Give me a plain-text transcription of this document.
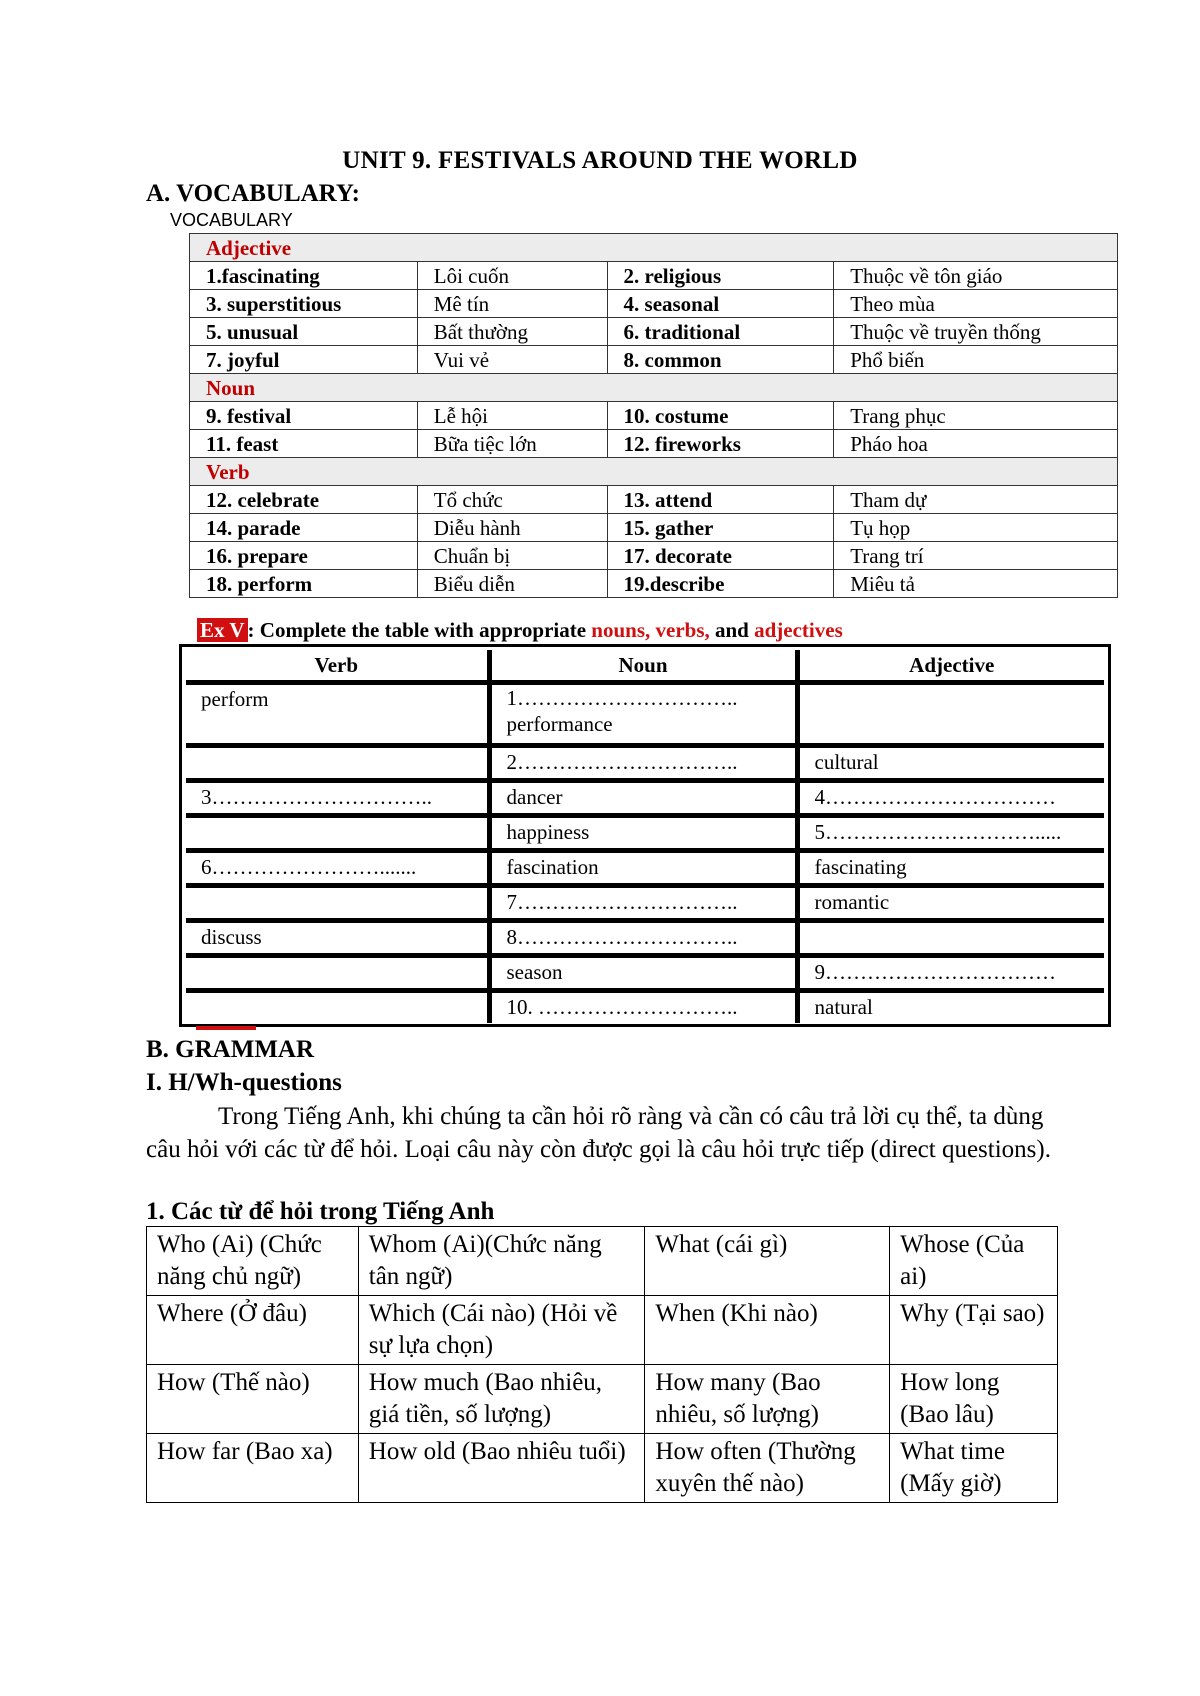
UNIT 9. FESTIVALS AROUND THE WORLD
A. VOCABULARY:
VOCABULARY
Adjective			
1.fascinating	Lôi cuốn	2. religious	Thuộc về tôn giáo
3. superstitious	Mê tín	4. seasonal	Theo mùa
5. unusual	Bất thường	6. traditional	Thuộc về truyền thống
7. joyful	Vui vẻ	8. common	Phổ biến
Noun			
9. festival	Lễ hội	10. costume	Trang phục
11. feast	Bữa tiệc lớn	12. fireworks	Pháo hoa
Verb			
12. celebrate	Tổ chức	13. attend	Tham dự
14. parade	Diễu hành	15. gather	Tụ họp
16. prepare	Chuẩn bị	17. decorate	Trang trí
18. perform	Biểu diễn	19.describe	Miêu tả
Ex V : Complete the table with appropriate nouns, verbs, and adjectives
Verb	Noun	Adjective
perform	1………………………….. performance	
	2…………………………..	cultural
3…………………………..	dancer	4……………………………
	happiness	5………………………….....
6…………………….......	fascination	fascinating
	7…………………………..	romantic
discuss	8…………………………..	
	season	9……………………………
	10. ………………………..	natural
B. GRAMMAR
I. H/Wh-questions
Trong Tiếng Anh, khi chúng ta cần hỏi rõ ràng và cần có câu trả lời cụ thể, ta dùng câu hỏi với các từ để hỏi. Loại câu này còn được gọi là câu hỏi trực tiếp (direct questions).
1. Các từ để hỏi trong Tiếng Anh
Who (Ai) (Chức năng chủ ngữ)	Whom (Ai)(Chức năng tân ngữ)	What (cái gì)	Whose (Của ai)
Where (Ở đâu)	Which (Cái nào) (Hỏi về sự lựa chọn)	When (Khi nào)	Why (Tại sao)
How (Thế nào)	How much (Bao nhiêu, giá tiền, số lượng)	How many (Bao nhiêu, số lượng)	How long (Bao lâu)
How far (Bao xa)	How old (Bao nhiêu tuổi)	How often (Thường xuyên thế nào)	What time (Mấy giờ)
